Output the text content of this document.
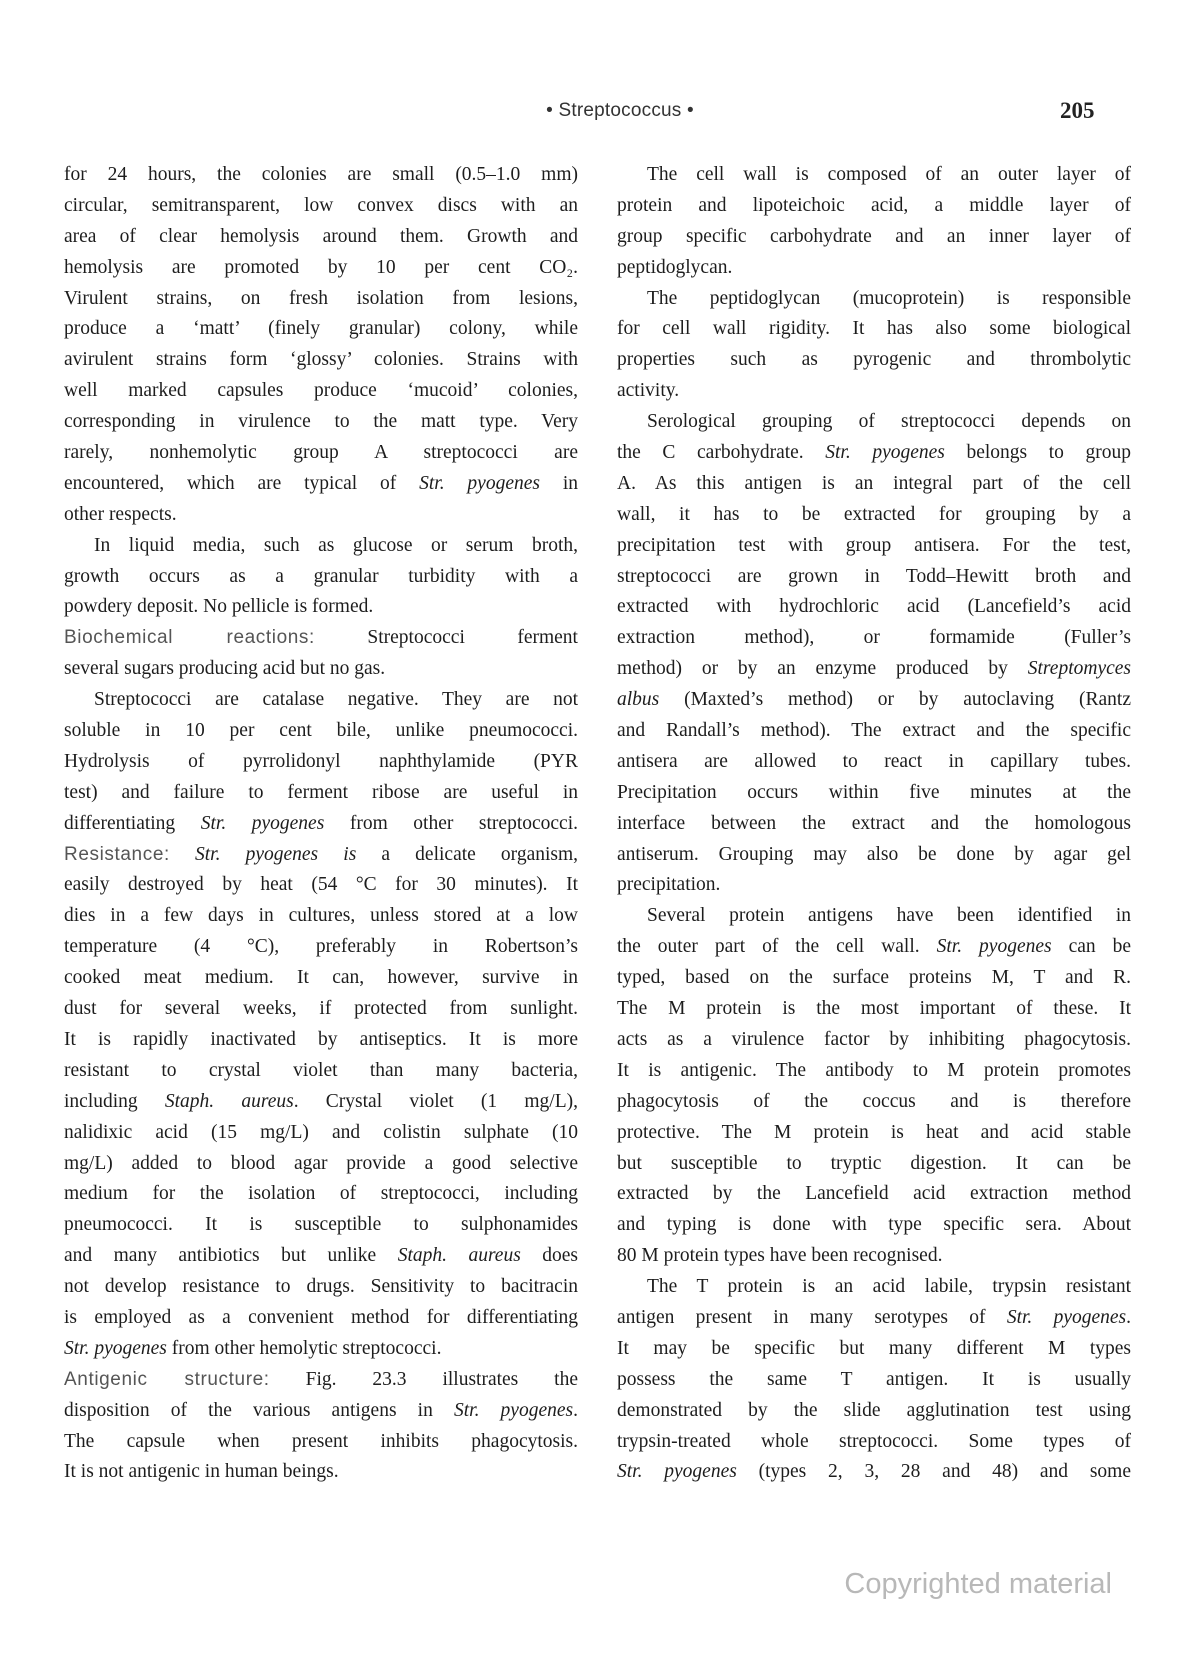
• Streptococcus •	205
for 24 hours, the colonies are small (0.5–1.0 mm)
circular, semitransparent, low convex discs with an
area of clear hemolysis around them. Growth and
hemolysis are promoted by 10 per cent CO₂.
Virulent strains, on fresh isolation from lesions,
produce a ‘matt’ (finely granular) colony, while
avirulent strains form ‘glossy’ colonies. Strains with
well marked capsules produce ‘mucoid’ colonies,
corresponding in virulence to the matt type. Very
rarely, nonhemolytic group A streptococci are
encountered, which are typical of Str. pyogenes in
other respects.
In liquid media, such as glucose or serum broth,
growth occurs as a granular turbidity with a
powdery deposit. No pellicle is formed.
Biochemical reactions: Streptococci ferment
several sugars producing acid but no gas.
Streptococci are catalase negative. They are not
soluble in 10 per cent bile, unlike pneumococci.
Hydrolysis of pyrrolidonyl naphthylamide (PYR
test) and failure to ferment ribose are useful in
differentiating Str. pyogenes from other streptococci.
Resistance: Str. pyogenes is a delicate organism,
easily destroyed by heat (54 °C for 30 minutes). It
dies in a few days in cultures, unless stored at a low
temperature (4 °C), preferably in Robertson’s
cooked meat medium. It can, however, survive in
dust for several weeks, if protected from sunlight.
It is rapidly inactivated by antiseptics. It is more
resistant to crystal violet than many bacteria,
including Staph. aureus. Crystal violet (1 mg/L),
nalidixic acid (15 mg/L) and colistin sulphate (10
mg/L) added to blood agar provide a good selective
medium for the isolation of streptococci, including
pneumococci. It is susceptible to sulphonamides
and many antibiotics but unlike Staph. aureus does
not develop resistance to drugs. Sensitivity to bacitracin
is employed as a convenient method for differentiating
Str. pyogenes from other hemolytic streptococci.
Antigenic structure: Fig. 23.3 illustrates the
disposition of the various antigens in Str. pyogenes.
The capsule when present inhibits phagocytosis.
It is not antigenic in human beings.
The cell wall is composed of an outer layer of
protein and lipoteichoic acid, a middle layer of
group specific carbohydrate and an inner layer of
peptidoglycan.
The peptidoglycan (mucoprotein) is responsible
for cell wall rigidity. It has also some biological
properties such as pyrogenic and thrombolytic
activity.
Serological grouping of streptococci depends on
the C carbohydrate. Str. pyogenes belongs to group
A. As this antigen is an integral part of the cell
wall, it has to be extracted for grouping by a
precipitation test with group antisera. For the test,
streptococci are grown in Todd–Hewitt broth and
extracted with hydrochloric acid (Lancefield’s acid
extraction method), or formamide (Fuller’s
method) or by an enzyme produced by Streptomyces
albus (Maxted’s method) or by autoclaving (Rantz
and Randall’s method). The extract and the specific
antisera are allowed to react in capillary tubes.
Precipitation occurs within five minutes at the
interface between the extract and the homologous
antiserum. Grouping may also be done by agar gel
precipitation.
Several protein antigens have been identified in
the outer part of the cell wall. Str. pyogenes can be
typed, based on the surface proteins M, T and R.
The M protein is the most important of these. It
acts as a virulence factor by inhibiting phagocytosis.
It is antigenic. The antibody to M protein promotes
phagocytosis of the coccus and is therefore
protective. The M protein is heat and acid stable
but susceptible to tryptic digestion. It can be
extracted by the Lancefield acid extraction method
and typing is done with type specific sera. About
80 M protein types have been recognised.
The T protein is an acid labile, trypsin resistant
antigen present in many serotypes of Str. pyogenes.
It may be specific but many different M types
possess the same T antigen. It is usually
demonstrated by the slide agglutination test using
trypsin-treated whole streptococci. Some types of
Str. pyogenes (types 2, 3, 28 and 48) and some
Copyrighted material
